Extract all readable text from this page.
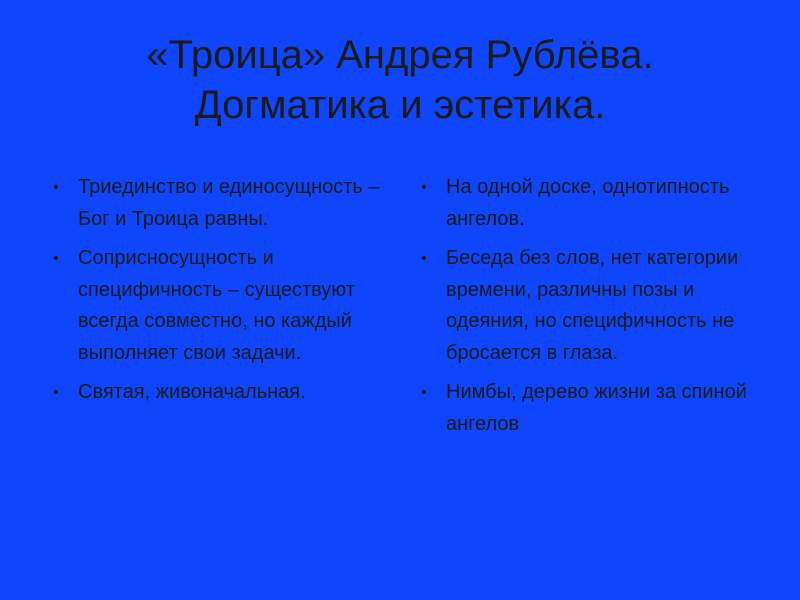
«Троица» Андрея Рублёва.
Догматика и эстетика.
• Триединство и единосущность – Бог и Троица равны.
• Соприсносущность и специфичность – существуют всегда совместно, но каждый выполняет свои задачи.
• Святая, живоначальная.
• На одной доске, однотипность ангелов.
• Беседа без слов, нет категории времени, различны позы и одеяния, но специфичность не бросается в глаза.
• Нимбы, дерево жизни за спиной ангелов
